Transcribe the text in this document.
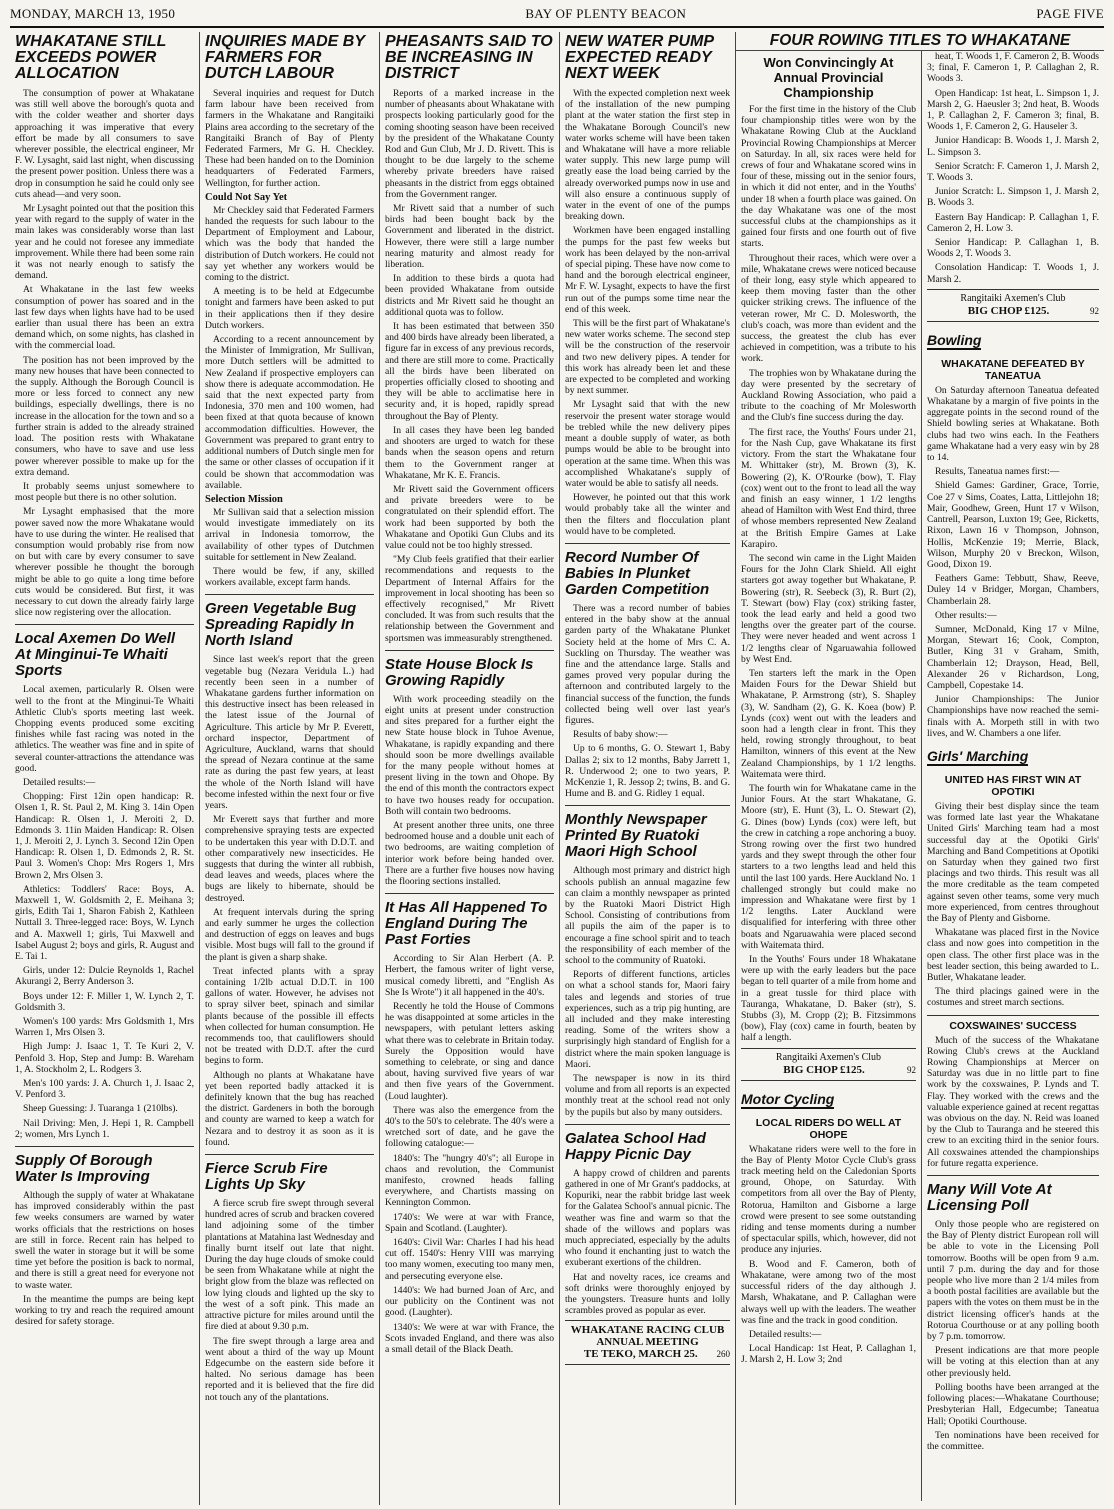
MONDAY, MARCH 13, 1950	BAY OF PLENTY BEACON	PAGE FIVE
WHAKATANE STILL EXCEEDS POWER ALLOCATION

The consumption of power at Whakatane was still well above the borough's quota and with the colder weather and shorter days approaching it was imperative that every effort be made by all consumers to save wherever possible, the electrical engineer, Mr F. W. Lysaght, said last night, when discussing the present power position. Unless there was a drop in consumption he said he could only see cuts ahead—and very soon.

Mr Lysaght pointed out that the position this year with regard to the supply of water in the main lakes was considerably worse than last year and he could not foresee any immediate improvement. While there had been some rain it was not nearly enough to satisfy the demand.

At Whakatane in the last few weeks consumption of power has soared and in the last few days when lights have had to be used earlier than usual there has been an extra demand which, on some nights, has clashed in with the commercial load.

The position has not been improved by the many new houses that have been connected to the supply. Although the Borough Council is more or less forced to connect any new buildings, especially dwellings, there is no increase in the allocation for the town and so a further strain is added to the already strained load. The position rests with Whakatane consumers, who have to save and use less power wherever possible to make up for the extra demand.

It probably seems unjust somewhere to most people but there is no other solution.

Mr Lysaght emphasised that the more power saved now the more Whakatane would have to use during the winter. He realised that consumption would probably rise from now on but with care by every consumer to save wherever possible he thought the borough might be able to go quite a long time before cuts would be considered. But first, it was necessary to cut down the already fairly large slice now registering over the allocation.

Local Axemen Do Well At Minginui-Te Whaiti Sports

Local axemen, particularly R. Olsen were well to the front at the Minginui-Te Whaiti Athletic Club's sports meeting last week. Chopping events produced some exciting finishes while fast racing was noted in the athletics. The weather was fine and in spite of several counter-attractions the attendance was good.

Detailed results:—

Chopping: First 12in open handicap: R. Olsen 1, R. St. Paul 2, M. King 3. 14in Open Handicap: R. Olsen 1, J. Meroiti 2, D. Edmonds 3. 11in Maiden Handicap: R. Olsen 1, J. Meroiti 2, J. Lynch 3. Second 12in Open Handicap: R. Olsen 1, D. Edmonds 2, R. St. Paul 3. Women's Chop: Mrs Rogers 1, Mrs Brown 2, Mrs Olsen 3.

Athletics: Toddlers' Race: Boys, A. Maxwell 1, W. Goldsmith 2, E. Meihana 3; girls, Edith Tai 1, Sharon Fabish 2, Kathleen Nuttall 3. Three-legged race: Boys, W. Lynch and A. Maxwell 1; girls, Tui Maxwell and Isabel August 2; boys and girls, R. August and E. Tai 1.

Girls, under 12: Dulcie Reynolds 1, Rachel Akurangi 2, Berry Anderson 3.

Boys under 12: F. Miller 1, W. Lynch 2, T. Goldsmith 3.

Women's 100 yards: Mrs Goldsmith 1, Mrs Warren 1, Mrs Olsen 3.

High Jump: J. Isaac 1, T. Te Kuri 2, V. Penfold 3. Hop, Step and Jump: B. Wareham 1, A. Stockholm 2, L. Rodgers 3.

Men's 100 yards: J. A. Church 1, J. Isaac 2, V. Penford 3.

Sheep Guessing: J. Tuaranga 1 (210lbs).

Nail Driving: Men, J. Hepi 1, R. Campbell 2; women, Mrs Lynch 1.

Supply Of Borough Water Is Improving

Although the supply of water at Whakatane has improved considerably within the past few weeks consumers are warned by water works officials that the restrictions on hoses are still in force. Recent rain has helped to swell the water in storage but it will be some time yet before the position is back to normal, and there is still a great need for everyone not to waste water.

In the meantime the pumps are being kept working to try and reach the required amount desired for safety storage.

INQUIRIES MADE BY FARMERS FOR DUTCH LABOUR

Several inquiries and request for Dutch farm labour have been received from farmers in the Whakatane and Rangitaiki Plains area according to the secretary of the Rangitaiki Branch of Bay of Plenty Federated Farmers, Mr G. H. Checkley. These had been handed on to the Dominion headquarters of Federated Farmers, Wellington, for further action.

Could Not Say Yet

Mr Checkley said that Federated Farmers handed the requests for such labour to the Department of Employment and Labour, which was the body that handed the distribution of Dutch workers. He could not say yet whether any workers would be coming to the district.

A meeting is to be held at Edgecumbe tonight and farmers have been asked to put in their applications then if they desire Dutch workers.

According to a recent announcement by the Minister of Immigration, Mr Sullivan, more Dutch settlers will be admitted to New Zealand if prospective employers can show there is adequate accommodation. He said that the next expected party from Indonesia, 370 men and 100 women, had been fixed at that quota because of known accommodation difficulties. However, the Government was prepared to grant entry to additional numbers of Dutch single men for the same or other classes of occupation if it could be shown that accommodation was available.

Selection Mission

Mr Sullivan said that a selection mission would investigate immediately on its arrival in Indonesia tomorrow, the availability of other types of Dutchmen suitable for settlement in New Zealand.

There would be few, if any, skilled workers available, except farm hands.

Green Vegetable Bug Spreading Rapidly In North Island

Since last week's report that the green vegetable bug (Nezara Veridula L.) had recently been seen in a number of Whakatane gardens further information on this destructive insect has been released in the latest issue of the Journal of Agriculture. This article by Mr P. Everett, orchard inspector, Department of Agriculture, Auckland, warns that should the spread of Nezara continue at the same rate as during the past few years, at least the whole of the North Island will have become infested within the next four or five years.

Mr Everett says that further and more comprehensive spraying tests are expected to be undertaken this year with D.D.T. and other comparatively new insecticides. He suggests that during the winter all rubbish, dead leaves and weeds, places where the bugs are likely to hibernate, should be destroyed.

At frequent intervals during the spring and early summer he urges the collection and destruction of eggs on leaves and bugs visible. Most bugs will fall to the ground if the plant is given a sharp shake.

Treat infected plants with a spray containing 1/2lb actual D.D.T. in 100 gallons of water. However, he advises not to spray silver beet, spinach and similar plants because of the possible ill effects when collected for human consumption. He recommends too, that cauliflowers should not be treated with D.D.T. after the curd begins to form.

Although no plants at Whakatane have yet been reported badly attacked it is definitely known that the bug has reached the district. Gardeners in both the borough and county are warned to keep a watch for Nezara and to destroy it as soon as it is found.

Fierce Scrub Fire Lights Up Sky

A fierce scrub fire swept through several hundred acres of scrub and bracken covered land adjoining some of the timber plantations at Matahina last Wednesday and finally burnt itself out late that night. During the day huge clouds of smoke could be seen from Whakatane while at night the bright glow from the blaze was reflected on low lying clouds and lighted up the sky to the west of a soft pink. This made an attractive picture for miles around until the fire died at about 9.30 p.m.

The fire swept through a large area and went about a third of the way up Mount Edgecumbe on the eastern side before it halted. No serious damage has been reported and it is believed that the fire did not touch any of the plantations.

PHEASANTS SAID TO BE INCREASING IN DISTRICT

Reports of a marked increase in the number of pheasants about Whakatane with prospects looking particularly good for the coming shooting season have been received by the president of the Whakatane County Rod and Gun Club, Mr J. D. Rivett. This is thought to be due largely to the scheme whereby private breeders have raised pheasants in the district from eggs obtained from the Government ranger.

Mr Rivett said that a number of such birds had been bought back by the Government and liberated in the district. However, there were still a large number nearing maturity and almost ready for liberation.

In addition to these birds a quota had been provided Whakatane from outside districts and Mr Rivett said he thought an additional quota was to follow.

It has been estimated that between 350 and 400 birds have already been liberated, a figure far in excess of any previous records, and there are still more to come. Practically all the birds have been liberated on properties officially closed to shooting and they will be able to acclimatise here in security and, it is hoped, rapidly spread throughout the Bay of Plenty.

In all cases they have been leg banded and shooters are urged to watch for these bands when the season opens and return them to the Government ranger at Whakatane, Mr K. E. Francis.

Mr Rivett said the Government officers and private breeders were to be congratulated on their splendid effort. The work had been supported by both the Whakatane and Opotiki Gun Clubs and its value could not be too highly stressed.

"My Club feels gratified that their earlier recommendations and requests to the Department of Internal Affairs for the improvement in local shooting has been so effectively recognised," Mr Rivett concluded. It was from such results that the relationship between the Government and sportsmen was immeasurably strengthened.

State House Block Is Growing Rapidly

With work proceeding steadily on the eight units at present under construction and sites prepared for a further eight the new State house block in Tuhoe Avenue, Whakatane, is rapidly expanding and there should soon be more dwellings available for the many people without homes at present living in the town and Ohope. By the end of this month the contractors expect to have two houses ready for occupation. Both will contain two bedrooms.

At present another three units, one three bedroomed house and a double unit each of two bedrooms, are waiting completion of interior work before being handed over. There are a further five houses now having the flooring sections installed.

It Has All Happened To England During The Past Forties

According to Sir Alan Herbert (A. P. Herbert, the famous writer of light verse, musical comedy libretti, and "English As She Is Wrote") it all happened in the 40's.

Recently he told the House of Commons he was disappointed at some articles in the newspapers, with petulant letters asking what there was to celebrate in Britain today. Surely the Opposition would have something to celebrate, or sing and dance about, having survived five years of war and then five years of the Government. (Loud laughter).

There was also the emergence from the 40's to the 50's to celebrate. The 40's were a wretched sort of date, and he gave the following catalogue:—

1840's: The "hungry 40's"; all Europe in chaos and revolution, the Communist manifesto, crowned heads falling everywhere, and Chartists massing on Kennington Common.

1740's: We were at war with France, Spain and Scotland. (Laughter).

1640's: Civil War: Charles I had his head cut off. 1540's: Henry VIII was marrying too many women, executing too many men, and persecuting everyone else.

1440's: We had burned Joan of Arc, and our publicity on the Continent was not good. (Laughter).

1340's: We were at war with France, the Scots invaded England, and there was also a small detail of the Black Death.

NEW WATER PUMP EXPECTED READY NEXT WEEK

With the expected completion next week of the installation of the new pumping plant at the water station the first step in the Whakatane Borough Council's new water works scheme will have been taken and Whakatane will have a more reliable water supply. This new large pump will greatly ease the load being carried by the already overworked pumps now in use and will also ensure a continuous supply of water in the event of one of the pumps breaking down.

Workmen have been engaged installing the pumps for the past few weeks but work has been delayed by the non-arrival of special piping. These have now come to hand and the borough electrical engineer, Mr F. W. Lysaght, expects to have the first run out of the pumps some time near the end of this week.

This will be the first part of Whakatane's new water works scheme. The second step will be the construction of the reservoir and two new delivery pipes. A tender for this work has already been let and these are expected to be completed and working by next summer.

Mr Lysaght said that with the new reservoir the present water storage would be trebled while the new delivery pipes meant a double supply of water, as both pumps would be able to be brought into operation at the same time. When this was accomplished Whakatane's supply of water would be able to satisfy all needs.

However, he pointed out that this work would probably take all the winter and then the filters and flocculation plant would have to be completed.

Record Number Of Babies In Plunket Garden Competition

There was a record number of babies entered in the baby show at the annual garden party of the Whakatane Plunket Society held at the home of Mrs C. A. Suckling on Thursday. The weather was fine and the attendance large. Stalls and games proved very popular during the afternoon and contributed largely to the financial success of the function, the funds collected being well over last year's figures.

Results of baby show:—

Up to 6 months, G. O. Stewart 1, Baby Dallas 2; six to 12 months, Baby Jarrett 1, R. Underwood 2; one to two years, P. McKenzie 1, R. Jessop 2; twins, B. and G. Hume and B. and G. Ridley 1 equal.

Monthly Newspaper Printed By Ruatoki Maori High School

Although most primary and district high schools publish an annual magazine few can claim a monthly newspaper as printed by the Ruatoki Maori District High School. Consisting of contributions from all pupils the aim of the paper is to encourage a fine school spirit and to teach the responsibility of each member of the school to the community of Ruatoki.

Reports of different functions, articles on what a school stands for, Maori fairy tales and legends and stories of true experiences, such as a trip pig hunting, are all included and they make interesting reading. Some of the writers show a surprisingly high standard of English for a district where the main spoken language is Maori.

The newspaper is now in its third volume and from all reports is an expected monthly treat at the school read not only by the pupils but also by many outsiders.

Galatea School Had Happy Picnic Day

A happy crowd of children and parents gathered in one of Mr Grant's paddocks, at Kopuriki, near the rabbit bridge last week for the Galatea School's annual picnic. The weather was fine and warm so that the shade of the willows and poplars was much appreciated, especially by the adults who found it enchanting just to watch the exuberant exertions of the children.

Hat and novelty races, ice creams and soft drinks were thoroughly enjoyed by the youngsters. Treasure hunts and lolly scrambles proved as popular as ever.

WHAKATANE RACING CLUB
ANNUAL MEETING
TE TEKO, MARCH 25. 260
FOUR ROWING TITLES TO WHAKATANE
Won Convincingly At Annual Provincial Championship

For the first time in the history of the Club four championship titles were won by the Whakatane Rowing Club at the Auckland Provincial Rowing Championships at Mercer on Saturday. In all, six races were held for crews of four and Whakatane scored wins in four of these, missing out in the senior fours, in which it did not enter, and in the Youths' under 18 when a fourth place was gained. On the day Whakatane was one of the most successful clubs at the championships as it gained four firsts and one fourth out of five starts.

Throughout their races, which were over a mile, Whakatane crews were noticed because of their long, easy style which appeared to keep them moving faster than the other quicker striking crews. The influence of the veteran rower, Mr C. D. Molesworth, the club's coach, was more than evident and the success, the greatest the club has ever achieved in competition, was a tribute to his work.

The trophies won by Whakatane during the day were presented by the secretary of Auckland Rowing Association, who paid a tribute to the coaching of Mr Molesworth and the Club's fine success during the day.

The first race, the Youths' Fours under 21, for the Nash Cup, gave Whakatane its first victory. From the start the Whakatane four M. Whittaker (str), M. Brown (3), K. Bowering (2), K. O'Rourke (bow), T. Flay (cox) went out to the front to lead all the way and finish an easy winner, 1 1/2 lengths ahead of Hamilton with West End third, three of whose members represented New Zealand at the British Empire Games at Lake Karapiro.

The second win came in the Light Maiden Fours for the John Clark Shield. All eight starters got away together but Whakatane, P. Bowering (str), R. Seebeck (3), R. Burt (2), T. Stewart (bow) Flay (cox) striking faster, took the lead early and held a good two lengths over the greater part of the course. They were never headed and went across 1 1/2 lengths clear of Ngaruawahia followed by West End.

Ten starters left the mark in the Open Maiden Fours for the Dewar Shield but Whakatane, P. Armstrong (str), S. Shapley (3), W. Sandham (2), G. K. Koea (bow) P. Lynds (cox) went out with the leaders and soon had a length clear in front. This they held, rowing strongly throughout, to beat Hamilton, winners of this event at the New Zealand Championships, by 1 1/2 lengths. Waitemata were third.

The fourth win for Whakatane came in the Junior Fours. At the start Whakatane, G. Moore (str), E. Hunt (3), L. O. Stewart (2), G. Dines (bow) Lynds (cox) were left, but the crew in catching a rope anchoring a buoy. Strong rowing over the first two hundred yards and they swept through the other four starters to a two lengths lead and held this until the last 100 yards. Here Auckland No. 1 challenged strongly but could make no impression and Whakatane were first by 1 1/2 lengths. Later Auckland were disqualified for interfering with three other boats and Ngaruawahia were placed second with Waitemata third.

In the Youths' Fours under 18 Whakatane were up with the early leaders but the pace began to tell quarter of a mile from home and in a great tussle for third place with Tauranga, Whakatane, D. Baker (str), S. Stubbs (3), M. Cropp (2); B. Fitzsimmons (bow), Flay (cox) came in fourth, beaten by half a length.

Rangitaiki Axemen's Club
BIG CHOP £125.	92
Motor Cycling
LOCAL RIDERS DO WELL AT OHOPE

Whakatane riders were well to the fore in the Bay of Plenty Motor Cycle Club's grass track meeting held on the Caledonian Sports ground, Ohope, on Saturday. With competitors from all over the Bay of Plenty, Rotorua, Hamilton and Gisborne a large crowd were present to see some outstanding riding and tense moments during a number of spectacular spills, which, however, did not produce any injuries.

B. Wood and F. Cameron, both of Whakatane, were among two of the most successful riders of the day although J. Marsh, Whakatane, and P. Callaghan were always well up with the leaders. The weather was fine and the track in good condition.

Detailed results:—

Local Handicap: 1st Heat, P. Callaghan 1, J. Marsh 2, H. Low 3; 2nd

heat, T. Woods 1, F. Cameron 2, B. Woods 3; final, F. Cameron 1, P. Callaghan 2, R. Woods 3.

Open Handicap: 1st heat, L. Simpson 1, J. Marsh 2, G. Haeusler 3; 2nd heat, B. Woods 1, P. Callaghan 2, F. Cameron 3; final, B. Woods 1, F. Cameron 2, G. Hauseler 3.

Junior Handicap: B. Woods 1, J. Marsh 2, L. Simpson 3.

Senior Scratch: F. Cameron 1, J. Marsh 2, T. Woods 3.

Junior Scratch: L. Simpson 1, J. Marsh 2, B. Woods 3.

Eastern Bay Handicap: P. Callaghan 1, F. Cameron 2, H. Low 3.

Senior Handicap: P. Callaghan 1, B. Woods 2, T. Woods 3.

Consolation Handicap: T. Woods 1, J. Marsh 2.

Rangitaiki Axemen's Club
BIG CHOP £125.	92
Bowling
WHAKATANE DEFEATED BY TANEATUA

On Saturday afternoon Taneatua defeated Whakatane by a margin of five points in the aggregate points in the second round of the Shield bowling series at Whakatane. Both clubs had two wins each. In the Feathers game Whakatane had a very easy win by 28 to 14.

Results, Taneatua names first:—

Shield Games: Gardiner, Grace, Torrie, Coe 27 v Sims, Coates, Latta, Littlejohn 18; Mair, Goodhew, Green, Hunt 17 v Wilson, Cantrell, Pearson, Luxton 19; Gee, Ricketts, Rixon, Lawn 16 v Thompson, Johnson, Hollis, McKenzie 19; Merrie, Black, Wilson, Murphy 20 v Breckon, Wilson, Good, Dixon 19.

Feathers Game: Tebbutt, Shaw, Reeve, Duley 14 v Bridger, Morgan, Chambers, Chamberlain 28.

Other results:—

Sumner, McDonald, King 17 v Milne, Morgan, Stewart 16; Cook, Compton, Butler, King 31 v Graham, Smith, Chamberlain 12; Drayson, Head, Bell, Alexander 26 v Richardson, Long, Campbell, Copestake 14.

Junior Championships: The Junior Championships have now reached the semi-finals with A. Morpeth still in with two lives, and W. Chambers a one lifer.

Girls' Marching
UNITED HAS FIRST WIN AT OPOTIKI

Giving their best display since the team was formed late last year the Whakatane United Girls' Marching team had a most successful day at the Opotiki Girls' Marching and Band Competitions at Opotiki on Saturday when they gained two first placings and two thirds. This result was all the more creditable as the team competed against seven other teams, some very much more experienced, from centres throughout the Bay of Plenty and Gisborne.

Whakatane was placed first in the Novice class and now goes into competition in the open class. The other first place was in the best leader section, this being awarded to L. Butler, Whakatane leader.

The third placings gained were in the costumes and street march sections.

COXSWAINES' SUCCESS

Much of the success of the Whakatane Rowing Club's crews at the Auckland Rowing Championships at Mercer on Saturday was due in no little part to fine work by the coxswaines, P. Lynds and T. Flay. They worked with the crews and the valuable experience gained at recent regattas was obvious on the day. N. Reid was loaned by the Club to Tauranga and he steered this crew to an exciting third in the senior fours. All coxswaines attended the championships for future regatta experience.

Many Will Vote At Licensing Poll

Only those people who are registered on the Bay of Plenty district European roll will be able to vote in the Licensing Poll tomorrow. Booths will be open from 9 a.m. until 7 p.m. during the day and for those people who live more than 2 1/4 miles from a booth postal facilities are available but the papers with the votes on them must be in the district licensing officer's hands at the Rotorua Courthouse or at any polling booth by 7 p.m. tomorrow.

Present indications are that more people will be voting at this election than at any other previously held.

Polling booths have been arranged at the following places:—Whakatane Courthouse; Presbyterian Hall, Edgecumbe; Taneatua Hall; Opotiki Courthouse.

Ten nominations have been received for the committee.
